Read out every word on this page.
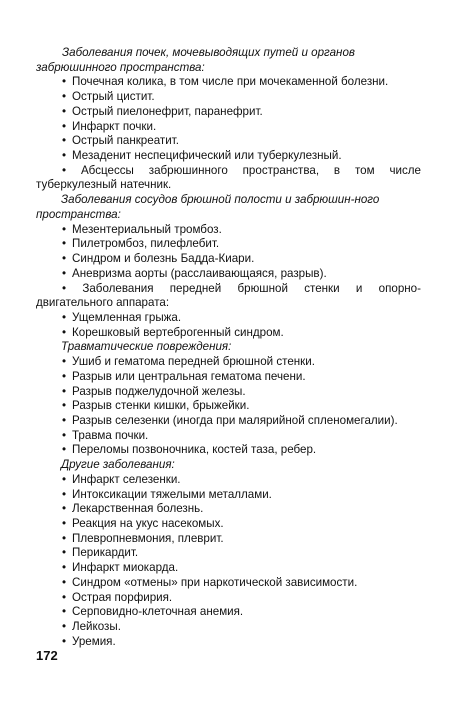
Заболевания почек, мочевыводящих путей и органов
забрюшинного пространства:
• Почечная колика, в том числе при мочекаменной болезни.
• Острый цистит.
• Острый пиелонефрит, паранефрит.
• Инфаркт почки.
• Острый панкреатит.
• Мезаденит неспецифический или туберкулезный.
• Абсцессы забрюшинного пространства, в том числе
туберкулезный натечник.
Заболевания сосудов брюшной полости и забрюшин-ного
пространства:
• Мезентериальный тромбоз.
• Пилетромбоз, пилефлебит.
• Синдром и болезнь Бадда-Киари.
• Аневризма аорты (расслаивающаяся, разрыв).
• Заболевания передней брюшной стенки и опорно-
двигательного аппарата:
• Ущемленная грыжа.
• Корешковый вертеброгенный синдром.
Травматические повреждения:
• Ушиб и гематома передней брюшной стенки.
• Разрыв или центральная гематома печени.
• Разрыв поджелудочной железы.
• Разрыв стенки кишки, брыжейки.
• Разрыв селезенки (иногда при малярийной спленомегалии).
• Травма почки.
• Переломы позвоночника, костей таза, ребер.
Другие заболевания:
• Инфаркт селезенки.
• Интоксикации тяжелыми металлами.
• Лекарственная болезнь.
• Реакция на укус насекомых.
• Плевропневмония, плеврит.
• Перикардит.
• Инфаркт миокарда.
• Синдром «отмены» при наркотической зависимости.
• Острая порфирия.
• Серповидно-клеточная анемия.
• Лейкозы.
• Уремия.
172
